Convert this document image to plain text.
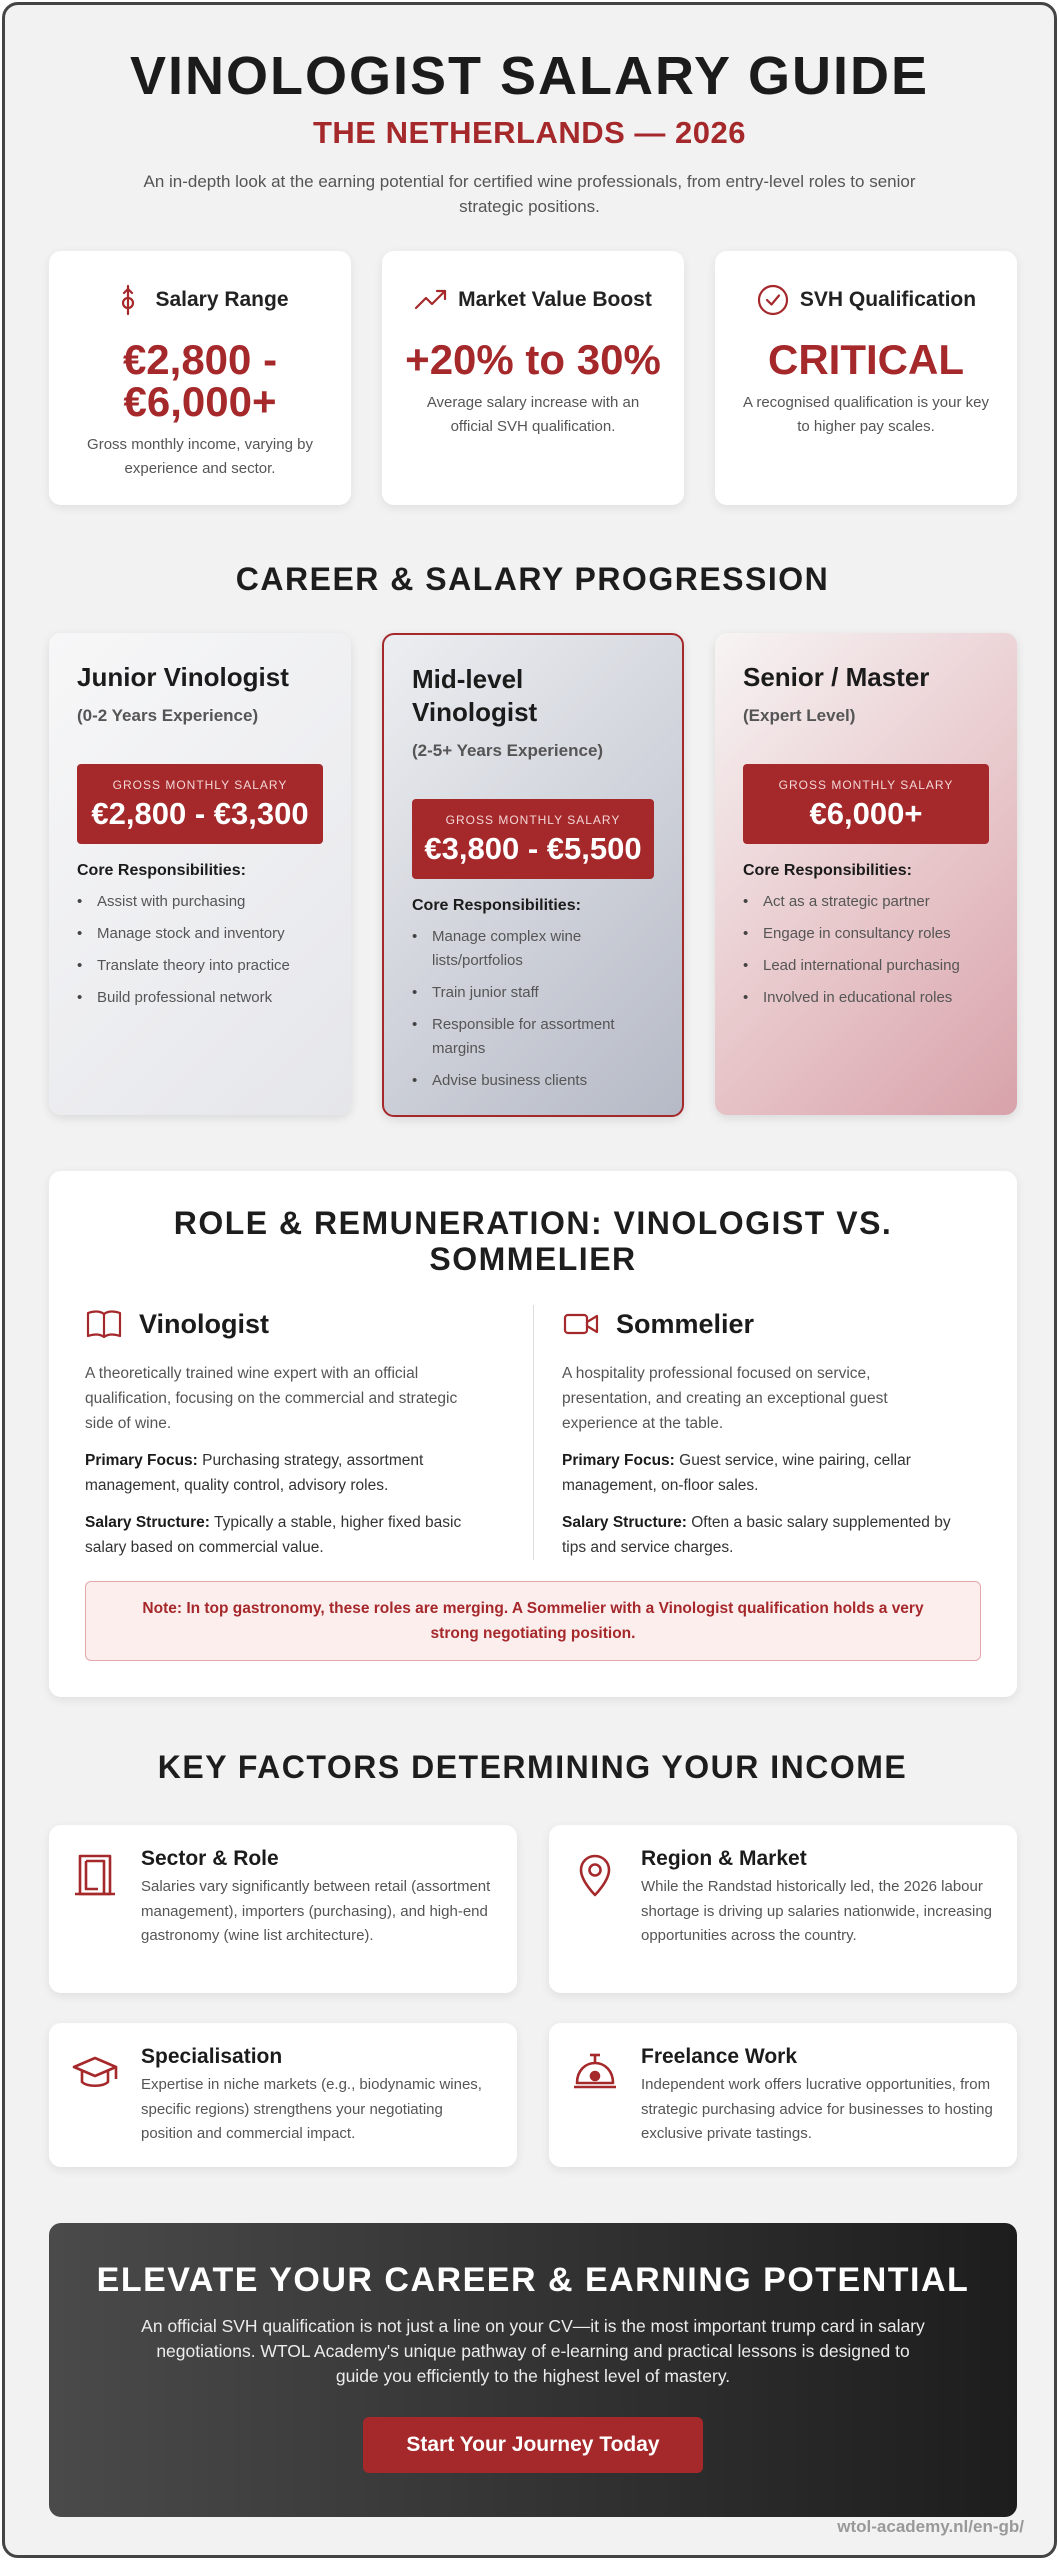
VINOLOGIST SALARY GUIDE
THE NETHERLANDS — 2026
An in-depth look at the earning potential for certified wine professionals, from entry-level roles to senior strategic positions.
Salary Range
€2,800 - €6,000+
Gross monthly income, varying by experience and sector.
Market Value Boost
+20% to 30%
Average salary increase with an official SVH qualification.
SVH Qualification
CRITICAL
A recognised qualification is your key to higher pay scales.
CAREER & SALARY PROGRESSION
Junior Vinologist
(0-2 Years Experience)
GROSS MONTHLY SALARY
€2,800 - €3,300
Core Responsibilities:
• Assist with purchasing
• Manage stock and inventory
• Translate theory into practice
• Build professional network
Mid-level Vinologist
(2-5+ Years Experience)
GROSS MONTHLY SALARY
€3,800 - €5,500
Core Responsibilities:
• Manage complex wine lists/portfolios
• Train junior staff
• Responsible for assortment margins
• Advise business clients
Senior / Master
(Expert Level)
GROSS MONTHLY SALARY
€6,000+
Core Responsibilities:
• Act as a strategic partner
• Engage in consultancy roles
• Lead international purchasing
• Involved in educational roles
ROLE & REMUNERATION: VINOLOGIST VS. SOMMELIER
Vinologist
A theoretically trained wine expert with an official qualification, focusing on the commercial and strategic side of wine.
Primary Focus: Purchasing strategy, assortment management, quality control, advisory roles.
Salary Structure: Typically a stable, higher fixed basic salary based on commercial value.
Sommelier
A hospitality professional focused on service, presentation, and creating an exceptional guest experience at the table.
Primary Focus: Guest service, wine pairing, cellar management, on-floor sales.
Salary Structure: Often a basic salary supplemented by tips and service charges.
Note: In top gastronomy, these roles are merging. A Sommelier with a Vinologist qualification holds a very strong negotiating position.
KEY FACTORS DETERMINING YOUR INCOME
Sector & Role
Salaries vary significantly between retail (assortment management), importers (purchasing), and high-end gastronomy (wine list architecture).
Region & Market
While the Randstad historically led, the 2026 labour shortage is driving up salaries nationwide, increasing opportunities across the country.
Specialisation
Expertise in niche markets (e.g., biodynamic wines, specific regions) strengthens your negotiating position and commercial impact.
Freelance Work
Independent work offers lucrative opportunities, from strategic purchasing advice for businesses to hosting exclusive private tastings.
ELEVATE YOUR CAREER & EARNING POTENTIAL
An official SVH qualification is not just a line on your CV—it is the most important trump card in salary negotiations. WTOL Academy's unique pathway of e-learning and practical lessons is designed to guide you efficiently to the highest level of mastery.
Start Your Journey Today
wtol-academy.nl/en-gb/
